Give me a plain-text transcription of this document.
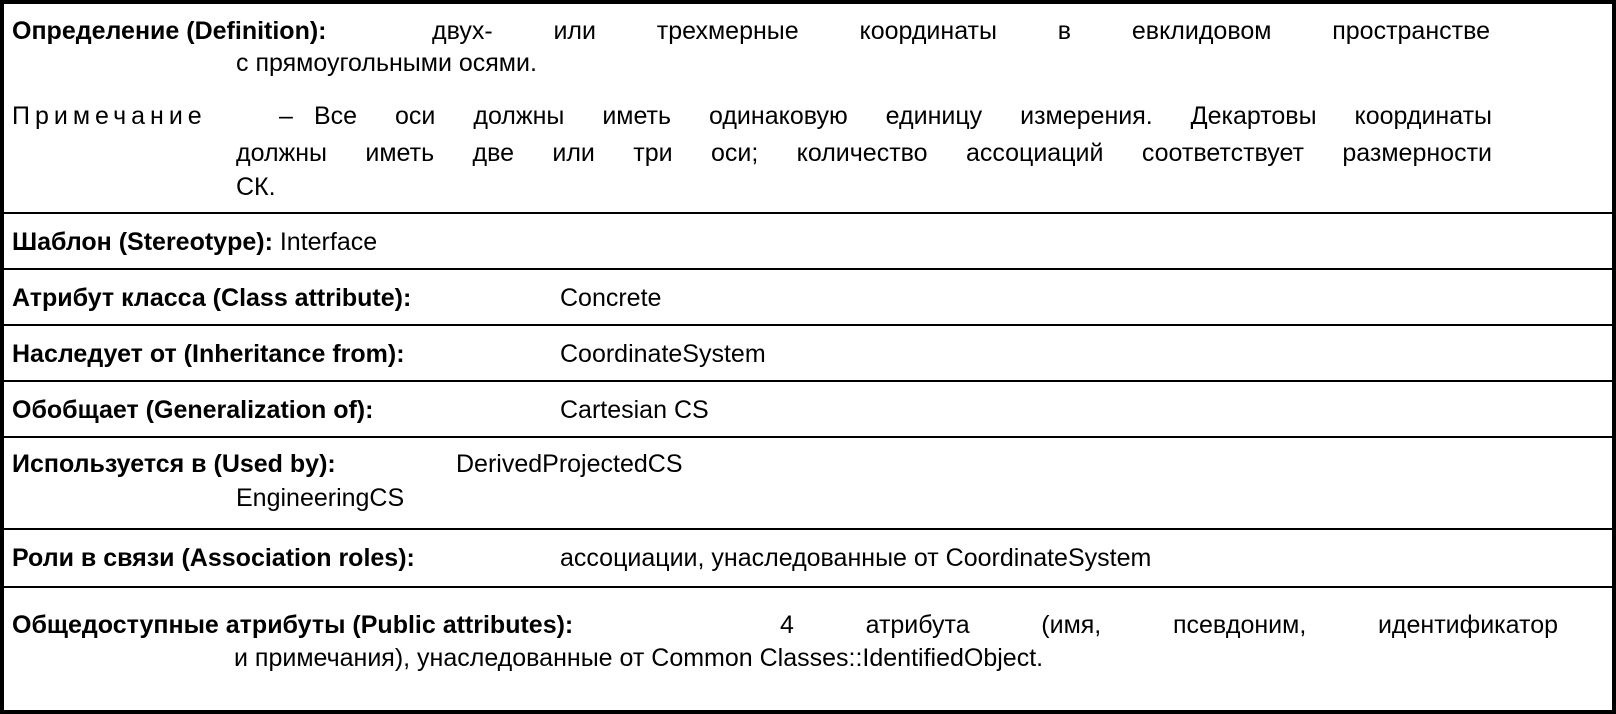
Определение (Definition):	двух- или трехмерные координаты в евклидовом пространстве
с прямоугольными осями.
Примечание	– Все оси должны иметь одинаковую единицу измерения. Декартовы координаты
должны иметь две или три оси; количество ассоциаций соответствует размерности
СК.
Шаблон (Stereotype): Interface
Атрибут класса (Class attribute):	Concrete
Наследует от (Inheritance from):	CoordinateSystem
Обобщает (Generalization of):	Cartesian CS
Используется в (Used by):	DerivedProjectedCS
EngineeringCS
Роли в связи (Association roles):	ассоциации, унаследованные от CoordinateSystem
Общедоступные атрибуты (Public attributes):	4 атрибута (имя, псевдоним, идентификатор
и примечания), унаследованные от Common Classes::IdentifiedObject.
